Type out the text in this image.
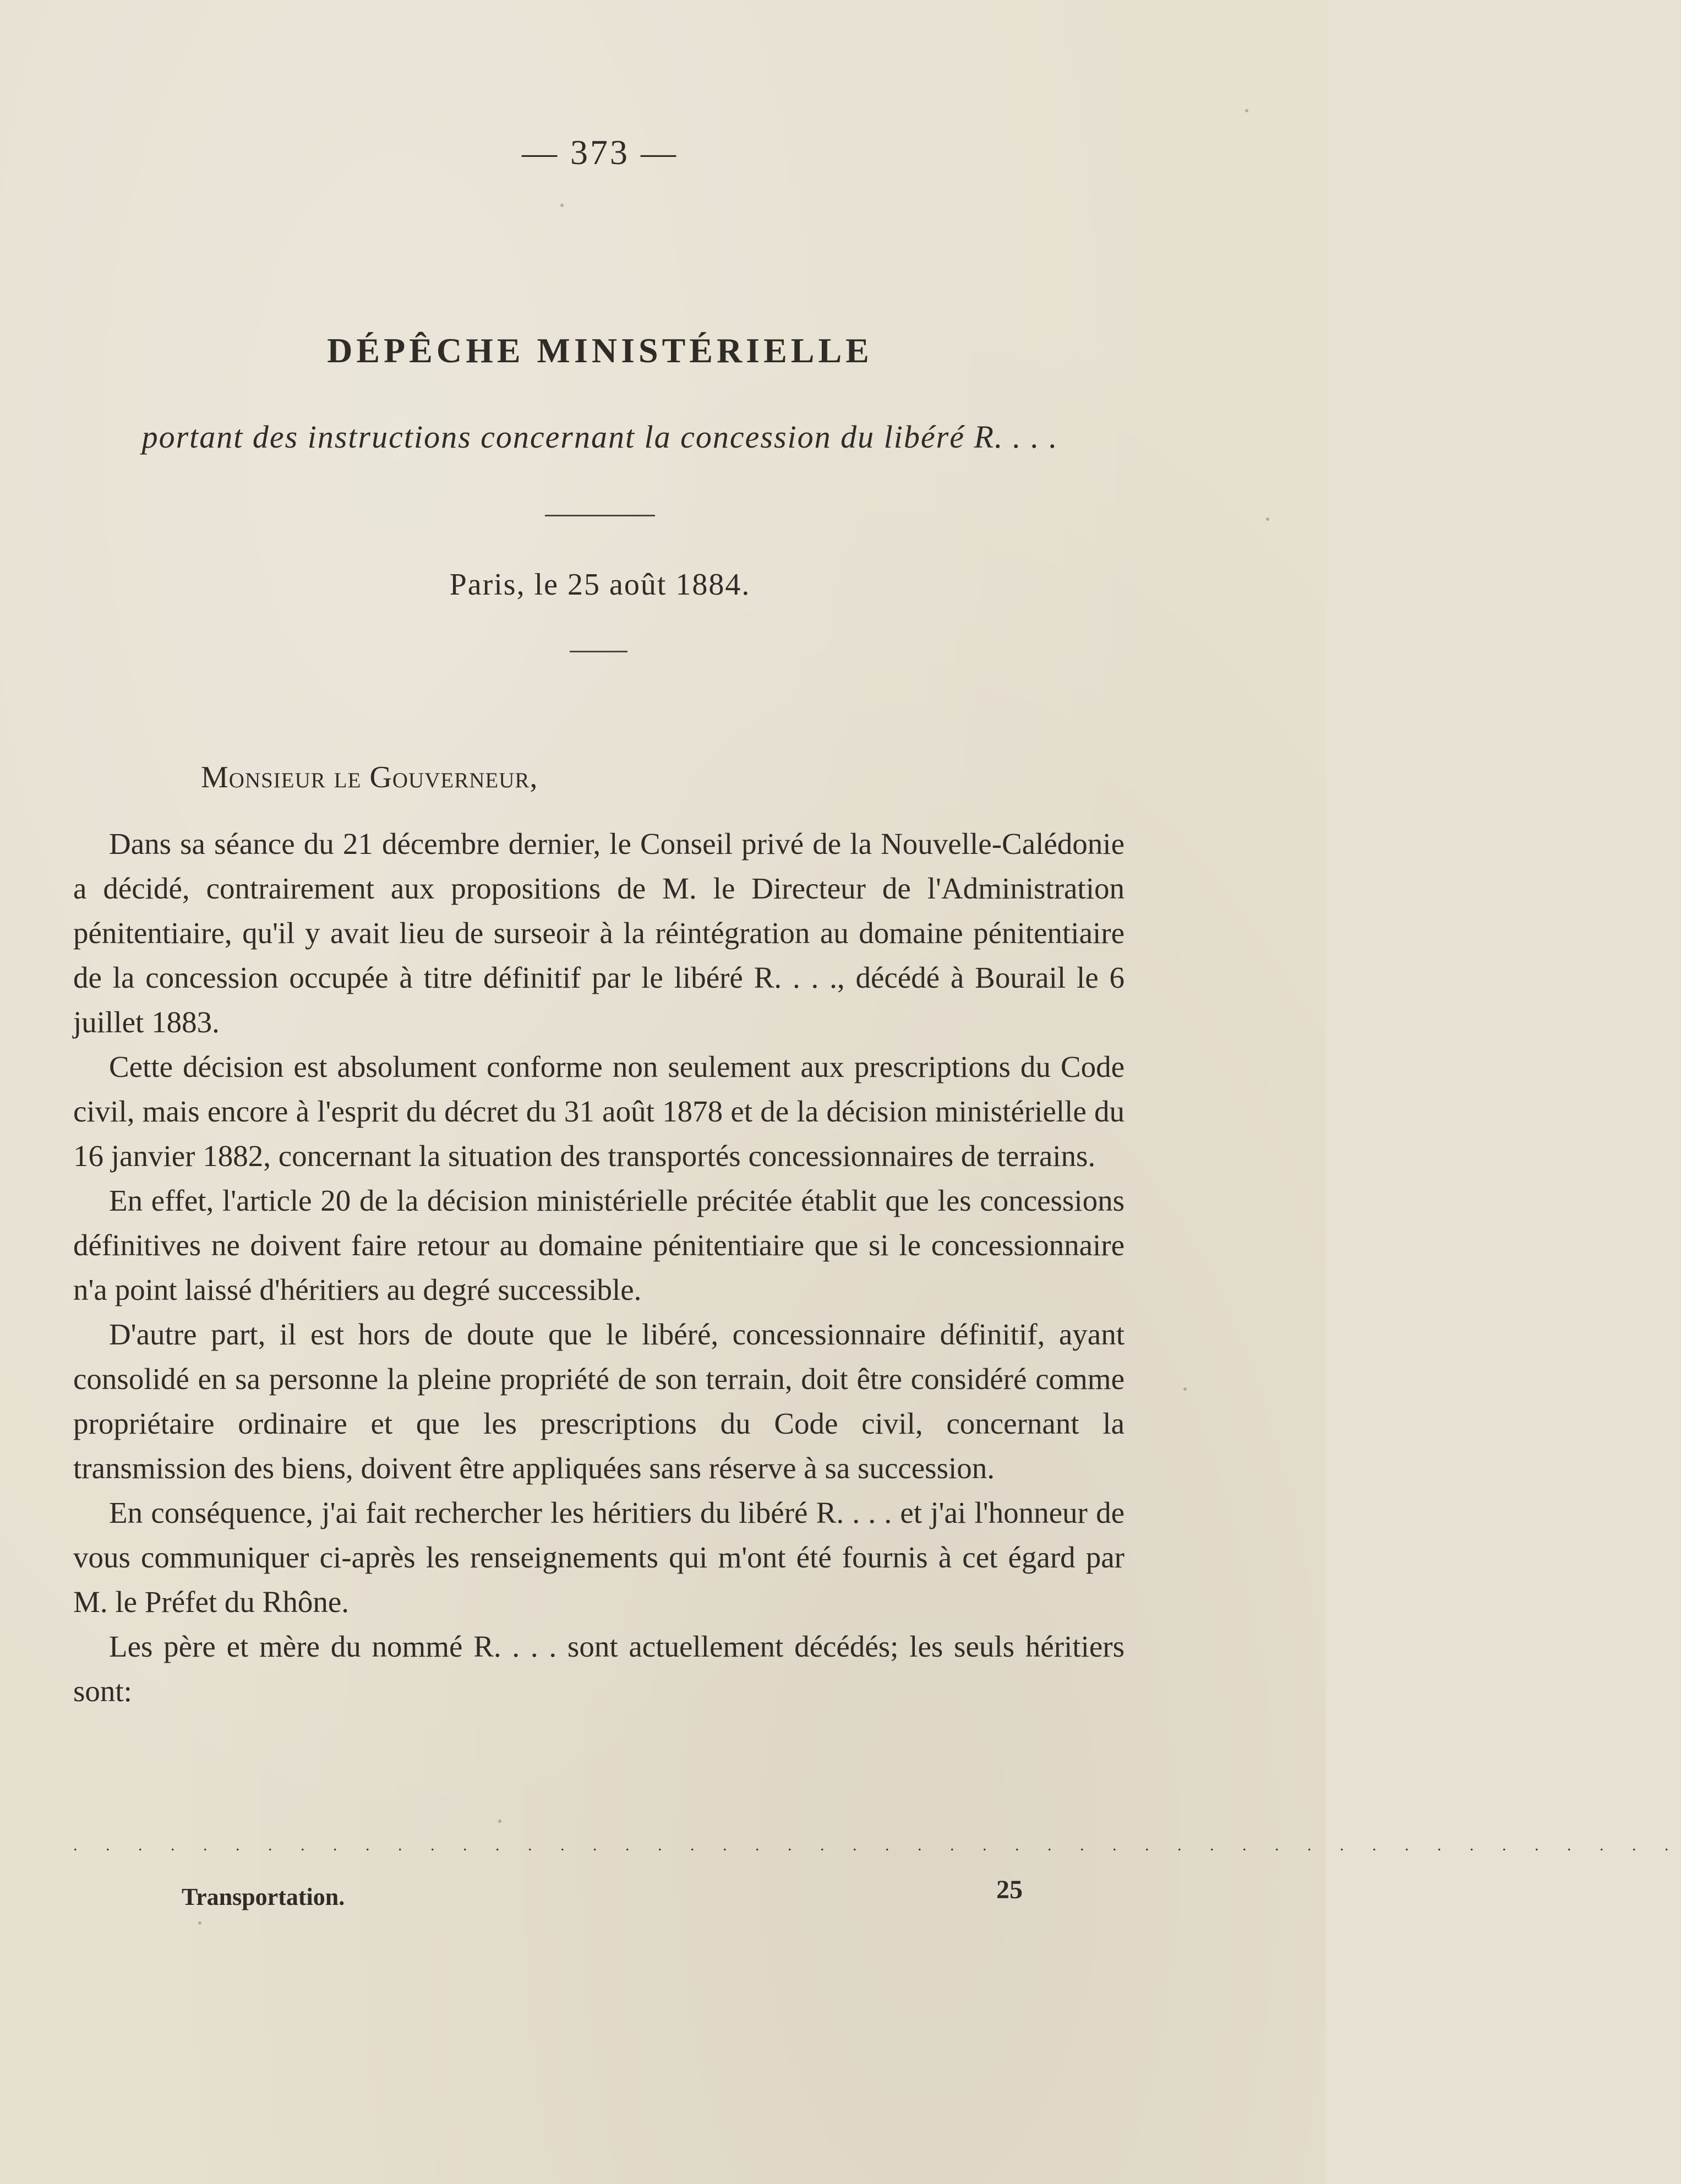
— 373 —
DÉPÊCHE MINISTÉRIELLE
portant des instructions concernant la concession du libéré R. . . .
Paris, le 25 août 1884.
Monsieur le Gouverneur,

Dans sa séance du 21 décembre dernier, le Conseil privé de la Nouvelle-Calédonie a décidé, contrairement aux propositions de M. le Directeur de l'Administration pénitentiaire, qu'il y avait lieu de surseoir à la réintégration au domaine pénitentiaire de la concession occupée à titre définitif par le libéré R. . . ., décédé à Bourail le 6 juillet 1883.

Cette décision est absolument conforme non seulement aux prescriptions du Code civil, mais encore à l'esprit du décret du 31 août 1878 et de la décision ministérielle du 16 janvier 1882, concernant la situation des transportés concessionnaires de terrains.

En effet, l'article 20 de la décision ministérielle précitée établit que les concessions définitives ne doivent faire retour au domaine pénitentiaire que si le concessionnaire n'a point laissé d'héritiers au degré successible.

D'autre part, il est hors de doute que le libéré, concessionnaire définitif, ayant consolidé en sa personne la pleine propriété de son terrain, doit être considéré comme propriétaire ordinaire et que les prescriptions du Code civil, concernant la transmission des biens, doivent être appliquées sans réserve à sa succession.

En conséquence, j'ai fait rechercher les héritiers du libéré R. . . . et j'ai l'honneur de vous communiquer ci-après les renseignements qui m'ont été fournis à cet égard par M. le Préfet du Rhône.

Les père et mère du nommé R. . . . sont actuellement décédés; les seuls héritiers sont:

. . . . . . . . . . . . . . . . . . . . . . . . . . . . . . . . . . . . . . . . . . . . . . . . . .
Transportation.	25
